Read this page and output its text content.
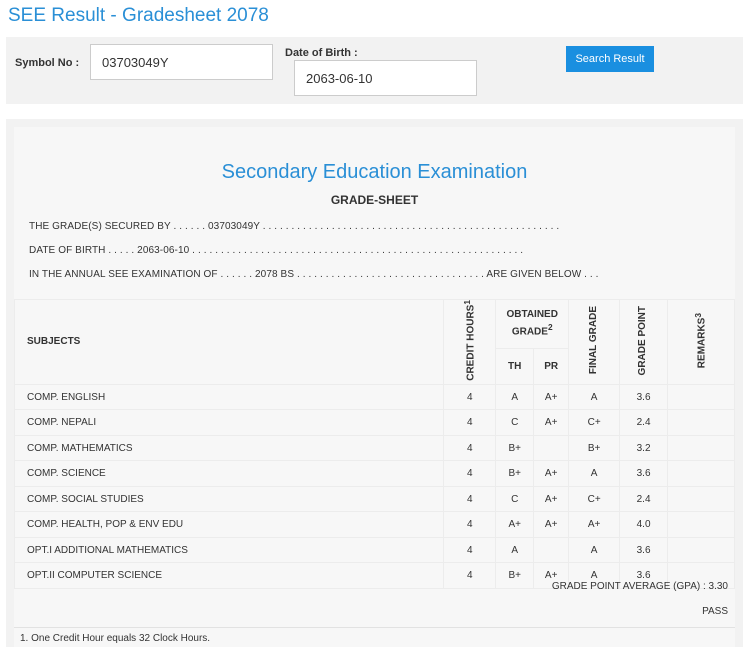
SEE Result - Gradesheet 2078
Symbol No :
03703049Y
Date of Birth :
2063-06-10	Search Result
Secondary Education Examination
GRADE-SHEET
THE GRADE(S) SECURED BY . . . . . . 03703049Y . . . . . . . . . . . . . . . . . . . . . . . . . . . . . . . . . . . . . . . . . . . . . . . . . . . .
DATE OF BIRTH . . . . . 2063-06-10 . . . . . . . . . . . . . . . . . . . . . . . . . . . . . . . . . . . . . . . . . . . . . . . . . . . . . . . . . .
IN THE ANNUAL SEE EXAMINATION OF . . . . . . 2078 BS . . . . . . . . . . . . . . . . . . . . . . . . . . . . . . . . . ARE GIVEN BELOW . . .
SUBJECTS	CREDIT HOURS$^1$	OBTAINED GRADE$^2$		FINAL GRADE	GRADE POINT	REMARKS$^3$
		TH	PR			
COMP. ENGLISH	4	A	A+	A	3.6	
COMP. NEPALI	4	C	A+	C+	2.4	
COMP. MATHEMATICS	4	B+		B+	3.2	
COMP. SCIENCE	4	B+	A+	A	3.6	
COMP. SOCIAL STUDIES	4	C	A+	C+	2.4	
COMP. HEALTH, POP & ENV EDU	4	A+	A+	A+	4.0	
OPT.I ADDITIONAL MATHEMATICS	4	A		A	3.6	
OPT.II COMPUTER SCIENCE	4	B+	A+	A	3.6	
GRADE POINT AVERAGE (GPA) : 3.30
PASS
1. One Credit Hour equals 32 Clock Hours.
